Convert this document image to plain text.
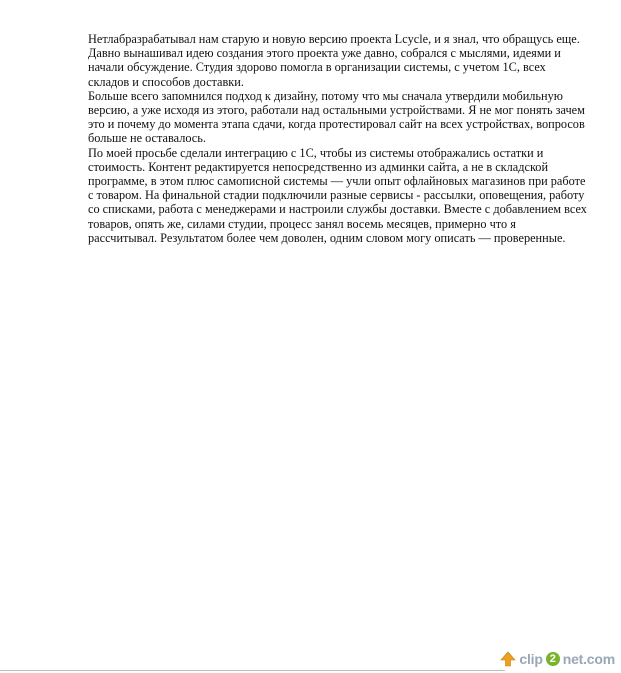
Нетлабразрабатывал нам старую и новую версию проекта Lcycle, и я знал, что обращусь еще.

Давно вынашивал идею создания этого проекта уже давно, собрался с мыслями, идеями и начали обсуждение. Студия здорово помогла в организации системы, с учетом 1С, всех складов и способов доставки.

Больше всего запомнился подход к дизайну, потому что мы сначала утвердили мобильную версию, а уже исходя из этого, работали над остальными устройствами. Я не мог понять зачем это и почему до момента этапа сдачи, когда протестировал сайт на всех устройствах, вопросов больше не оставалось.

По моей просьбе сделали интеграцию с 1С, чтобы из системы отображались остатки и стоимость. Контент редактируется непосредственно из админки сайта, а не в складской программе, в этом плюс самописной системы — учли опыт офлайновых магазинов при работе с товаром. На финальной стадии подключили разные сервисы - рассылки, оповещения, работу со списками, работа с менеджерами и настроили службы доставки. Вместе с добавлением всех товаров, опять же, силами студии, процесс занял восемь месяцев, примерно что я рассчитывал. Результатом более чем доволен, одним словом могу описать — проверенные.

clip 2 net.com
